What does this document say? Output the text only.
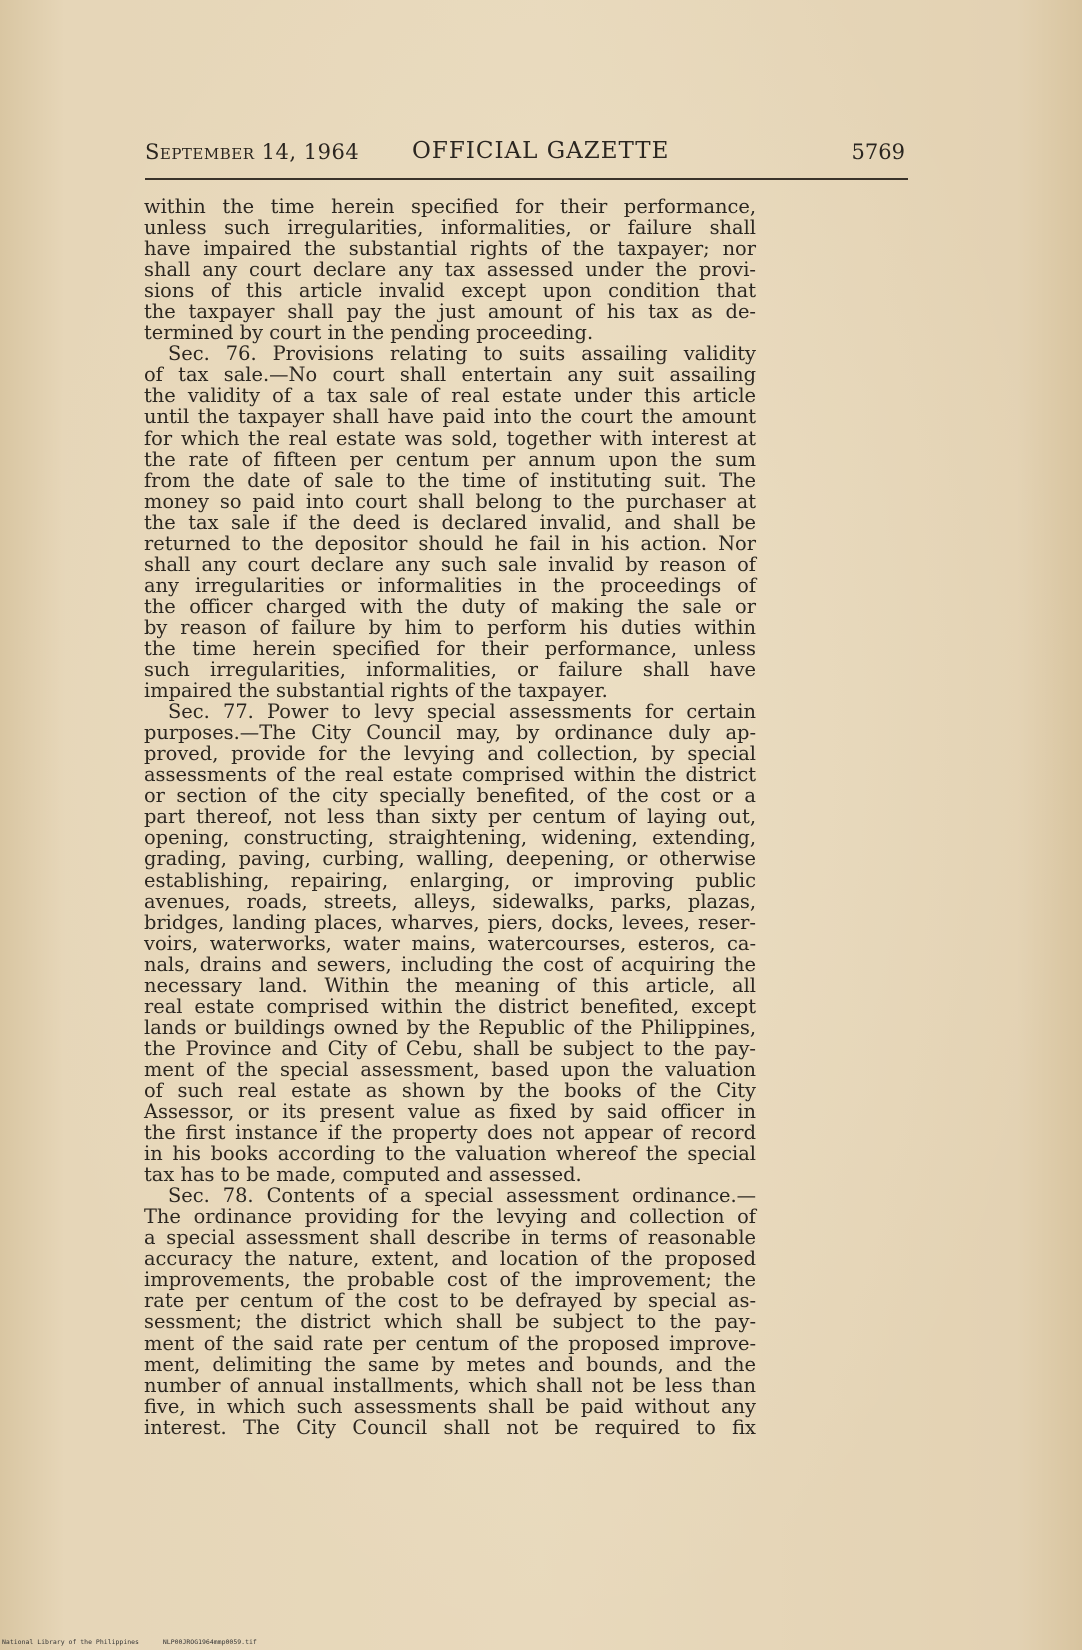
September 14, 1964 OFFICIAL GAZETTE	5769
within the time herein specified for their performance,
unless such irregularities, informalities, or failure shall
have impaired the substantial rights of the taxpayer; nor
shall any court declare any tax assessed under the provi-
sions of this article invalid except upon condition that
the taxpayer shall pay the just amount of his tax as de-
termined by court in the pending proceeding.
Sec. 76. Provisions relating to suits assailing validity
of tax sale.—No court shall entertain any suit assailing
the validity of a tax sale of real estate under this article
until the taxpayer shall have paid into the court the amount
for which the real estate was sold, together with interest at
the rate of fifteen per centum per annum upon the sum
from the date of sale to the time of instituting suit. The
money so paid into court shall belong to the purchaser at
the tax sale if the deed is declared invalid, and shall be
returned to the depositor should he fail in his action. Nor
shall any court declare any such sale invalid by reason of
any irregularities or informalities in the proceedings of
the officer charged with the duty of making the sale or
by reason of failure by him to perform his duties within
the time herein specified for their performance, unless
such irregularities, informalities, or failure shall have
impaired the substantial rights of the taxpayer.
Sec. 77. Power to levy special assessments for certain
purposes.—The City Council may, by ordinance duly ap-
proved, provide for the levying and collection, by special
assessments of the real estate comprised within the district
or section of the city specially benefited, of the cost or a
part thereof, not less than sixty per centum of laying out,
opening, constructing, straightening, widening, extending,
grading, paving, curbing, walling, deepening, or otherwise
establishing, repairing, enlarging, or improving public
avenues, roads, streets, alleys, sidewalks, parks, plazas,
bridges, landing places, wharves, piers, docks, levees, reser-
voirs, waterworks, water mains, watercourses, esteros, ca-
nals, drains and sewers, including the cost of acquiring the
necessary land. Within the meaning of this article, all
real estate comprised within the district benefited, except
lands or buildings owned by the Republic of the Philippines,
the Province and City of Cebu, shall be subject to the pay-
ment of the special assessment, based upon the valuation
of such real estate as shown by the books of the City
Assessor, or its present value as fixed by said officer in
the first instance if the property does not appear of record
in his books according to the valuation whereof the special
tax has to be made, computed and assessed.
Sec. 78. Contents of a special assessment ordinance.—
The ordinance providing for the levying and collection of
a special assessment shall describe in terms of reasonable
accuracy the nature, extent, and location of the proposed
improvements, the probable cost of the improvement; the
rate per centum of the cost to be defrayed by special as-
sessment; the district which shall be subject to the pay-
ment of the said rate per centum of the proposed improve-
ment, delimiting the same by metes and bounds, and the
number of annual installments, which shall not be less than
five, in which such assessments shall be paid without any
interest. The City Council shall not be required to fix
National Library of the Philippines	NLP00JROG1964mmp0059.tif
